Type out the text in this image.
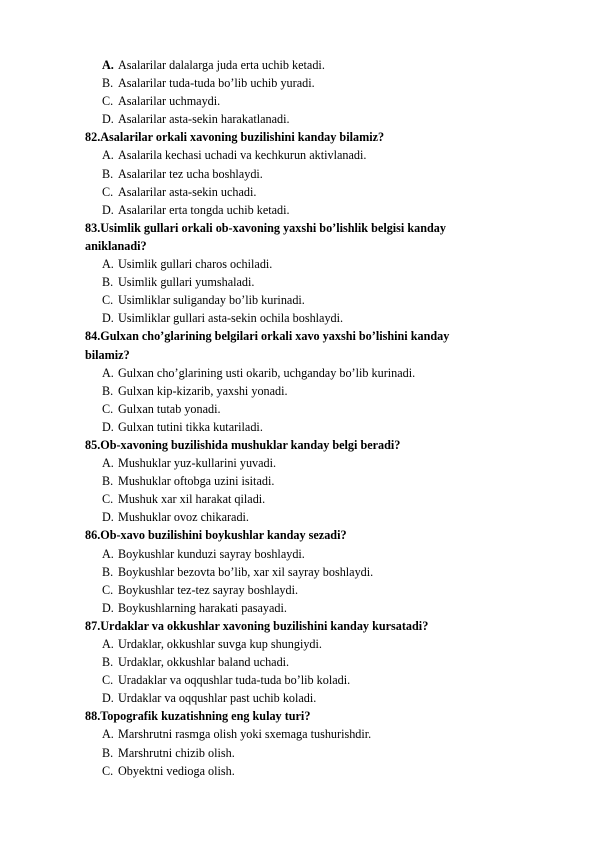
A. Asalarilar dalalarga juda erta uchib ketadi.
B. Asalarilar tuda-tuda bo’lib uchib yuradi.
C. Asalarilar uchmaydi.
D. Asalarilar asta-sekin harakatlanadi.
82.Asalarilar orkali xavoning buzilishini kanday bilamiz?
A. Asalarila kechasi uchadi va kechkurun aktivlanadi.
B. Asalarilar tez ucha boshlaydi.
C. Asalarilar asta-sekin uchadi.
D. Asalarilar erta tongda uchib ketadi.
83.Usimlik gullari orkali ob-xavoning yaxshi bo’lishlik belgisi kanday
aniklanadi?
A. Usimlik gullari charos ochiladi.
B. Usimlik gullari yumshaladi.
C. Usimliklar suliganday bo’lib kurinadi.
D. Usimliklar gullari asta-sekin ochila boshlaydi.
84.Gulxan cho’glarining belgilari orkali xavo yaxshi bo’lishini kanday
bilamiz?
A. Gulxan cho’glarining usti okarib, uchganday bo’lib kurinadi.
B. Gulxan kip-kizarib, yaxshi yonadi.
C. Gulxan tutab yonadi.
D. Gulxan tutini tikka kutariladi.
85.Ob-xavoning buzilishida mushuklar kanday belgi beradi?
A. Mushuklar yuz-kullarini yuvadi.
B. Mushuklar oftobga uzini isitadi.
C. Mushuk xar xil harakat qiladi.
D. Mushuklar ovoz chikaradi.
86.Ob-xavo buzilishini boykushlar kanday sezadi?
A. Boykushlar kunduzi sayray boshlaydi.
B. Boykushlar bezovta bo’lib, xar xil sayray boshlaydi.
C. Boykushlar tez-tez sayray boshlaydi.
D. Boykushlarning harakati pasayadi.
87.Urdaklar va okkushlar xavoning buzilishini kanday kursatadi?
A. Urdaklar, okkushlar suvga kup shungiydi.
B. Urdaklar, okkushlar baland uchadi.
C. Uradaklar va oqqushlar tuda-tuda bo’lib koladi.
D. Urdaklar va oqqushlar past uchib koladi.
88.Topografik kuzatishning eng kulay turi?
A. Marshrutni rasmga olish yoki sxemaga tushurishdir.
B. Marshrutni chizib olish.
C. Obyektni vedioga olish.
